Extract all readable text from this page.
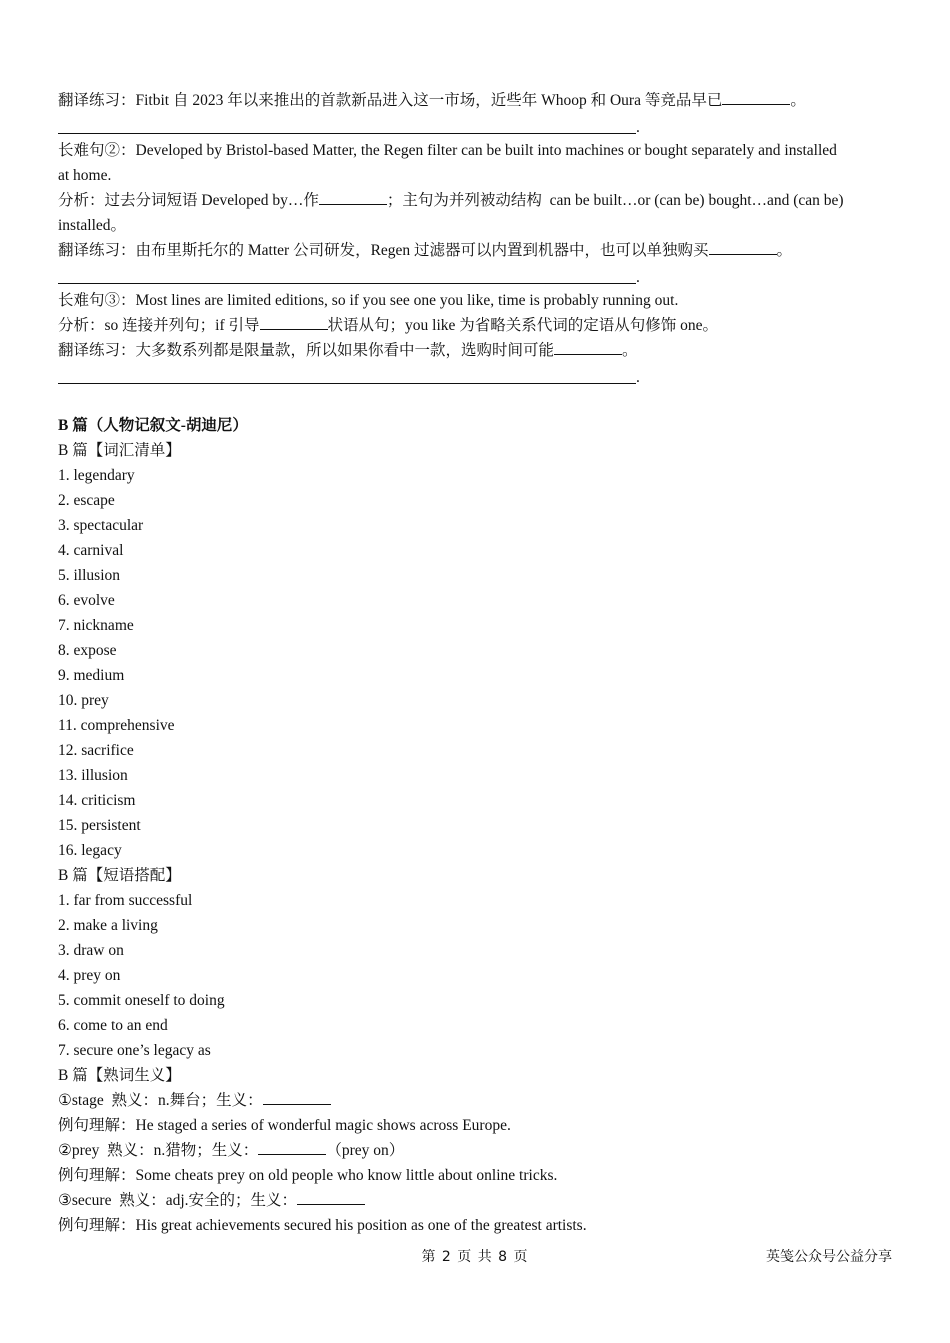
翻译练习：Fitbit 自 2023 年以来推出的首款新品进入这一市场，近些年 Whoop 和 Oura 等竞品早已	。
.
长难句②：Developed by Bristol-based Matter, the Regen filter can be built into machines or bought separately and installed
at home.
分析：过去分词短语 Developed by…作	；主句为并列被动结构  can be built…or (can be) bought…and (can be)
installed。
翻译练习：由布里斯托尔的 Matter 公司研发，Regen 过滤器可以内置到机器中，也可以单独购买	。
.
长难句③：Most lines are limited editions, so if you see one you like, time is probably running out.
分析：so 连接并列句；if 引导	状语从句；you like 为省略关系代词的定语从句修饰 one。
翻译练习：大多数系列都是限量款，所以如果你看中一款，选购时间可能	。
.
B 篇（人物记叙文-胡迪尼）
B 篇【词汇清单】
1. legendary
2. escape
3. spectacular
4. carnival
5. illusion
6. evolve
7. nickname
8. expose
9. medium
10. prey
11. comprehensive
12. sacrifice
13. illusion
14. criticism
15. persistent
16. legacy
B 篇【短语搭配】
1. far from successful
2. make a living
3. draw on
4. prey on
5. commit oneself to doing
6. come to an end
7. secure one’s legacy as
B 篇【熟词生义】
①stage  熟义：n.舞台；生义：
例句理解：He staged a series of wonderful magic shows across Europe.
②prey  熟义：n.猎物；生义：	（prey on）
例句理解：Some cheats prey on old people who know little about online tricks.
③secure  熟义：adj.安全的；生义：
例句理解：His great achievements secured his position as one of the greatest artists.
第 2 页 共 8 页	英笺公众号公益分享
